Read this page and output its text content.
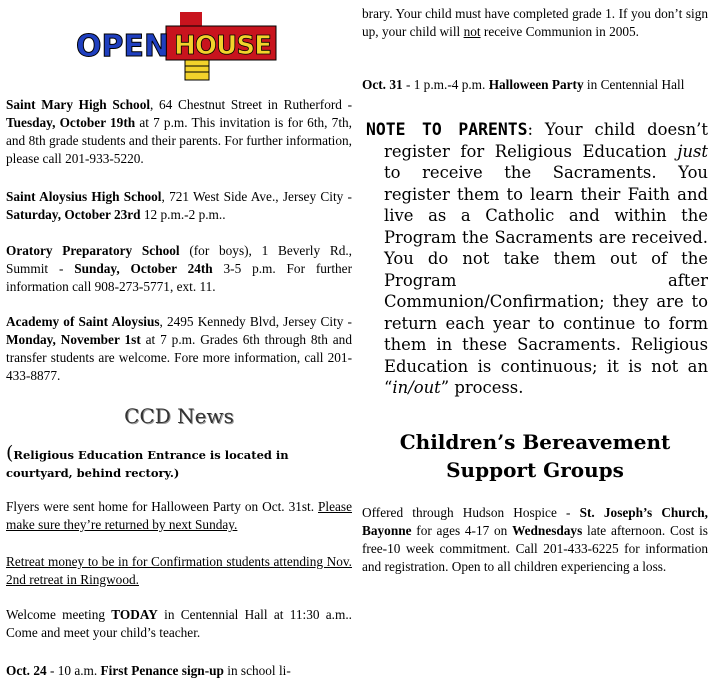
OPEN HOUSE

Saint Mary High School, 64 Chestnut Street in Rutherford - Tuesday, October 19th at 7 p.m. This invitation is for 6th, 7th, and 8th grade students and their parents. For further information, please call 201-933-5220.

Saint Aloysius High School, 721 West Side Ave., Jersey City - Saturday, October 23rd 12 p.m.-2 p.m..

Oratory Preparatory School (for boys), 1 Beverly Rd., Summit - Sunday, October 24th 3-5 p.m. For further information call 908-273-5771, ext. 11.

Academy of Saint Aloysius, 2495 Kennedy Blvd, Jersey City - Monday, November 1st at 7 p.m. Grades 6th through 8th and transfer students are welcome. Fore more information, call 201-433-8877.

CCD News
(Religious Education Entrance is located in courtyard, behind rectory.)

Flyers were sent home for Halloween Party on Oct. 31st. Please make sure they’re returned by next Sunday.

Retreat money to be in for Confirmation students attending Nov. 2nd retreat in Ringwood.

Welcome meeting TODAY in Centennial Hall at 11:30 a.m.. Come and meet your child’s teacher.

Oct. 24 - 10 a.m. First Penance sign-up in school li-

brary. Your child must have completed grade 1. If you don’t sign up, your child will not receive Communion in 2005.

Oct. 31 - 1 p.m.-4 p.m. Halloween Party in Centennial Hall

NOTE TO PARENTS: Your child doesn’t register for Religious Education just to receive the Sacraments. You register them to learn their Faith and live as a Catholic and within the Program the Sacraments are received. You do not take them out of the Program after Communion/Confirmation; they are to return each year to continue to form them in these Sacraments. Religious Education is continuous; it is not an “in/out” process.

Children’s Bereavement Support Groups

Offered through Hudson Hospice - St. Joseph’s Church, Bayonne for ages 4-17 on Wednesdays late afternoon. Cost is free-10 week commitment. Call 201-433-6225 for information and registration. Open to all children experiencing a loss.
